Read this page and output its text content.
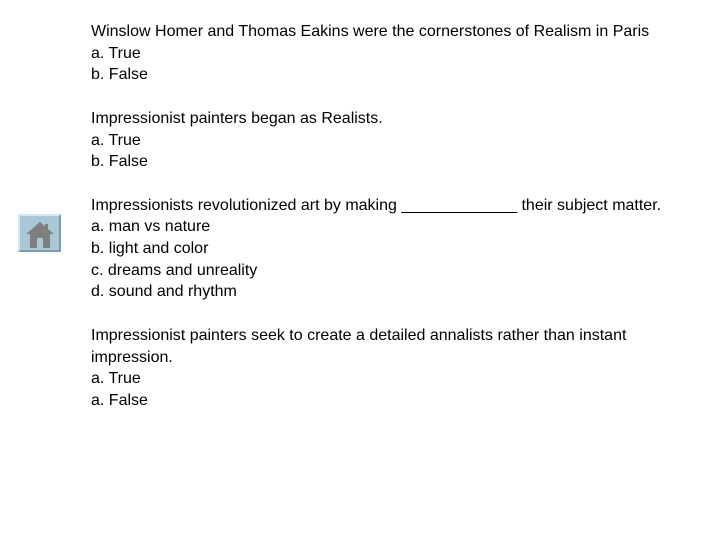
Winslow Homer and Thomas Eakins were the cornerstones of Realism in Paris
a. True
b. False
Impressionist painters began as Realists.
a. True
b. False
Impressionists revolutionized art by making _____________ their subject matter.
a. man vs nature
b. light and color
c. dreams and unreality
d. sound and rhythm
Impressionist painters seek to create a detailed annalists rather than instant impression.
a. True
a. False
